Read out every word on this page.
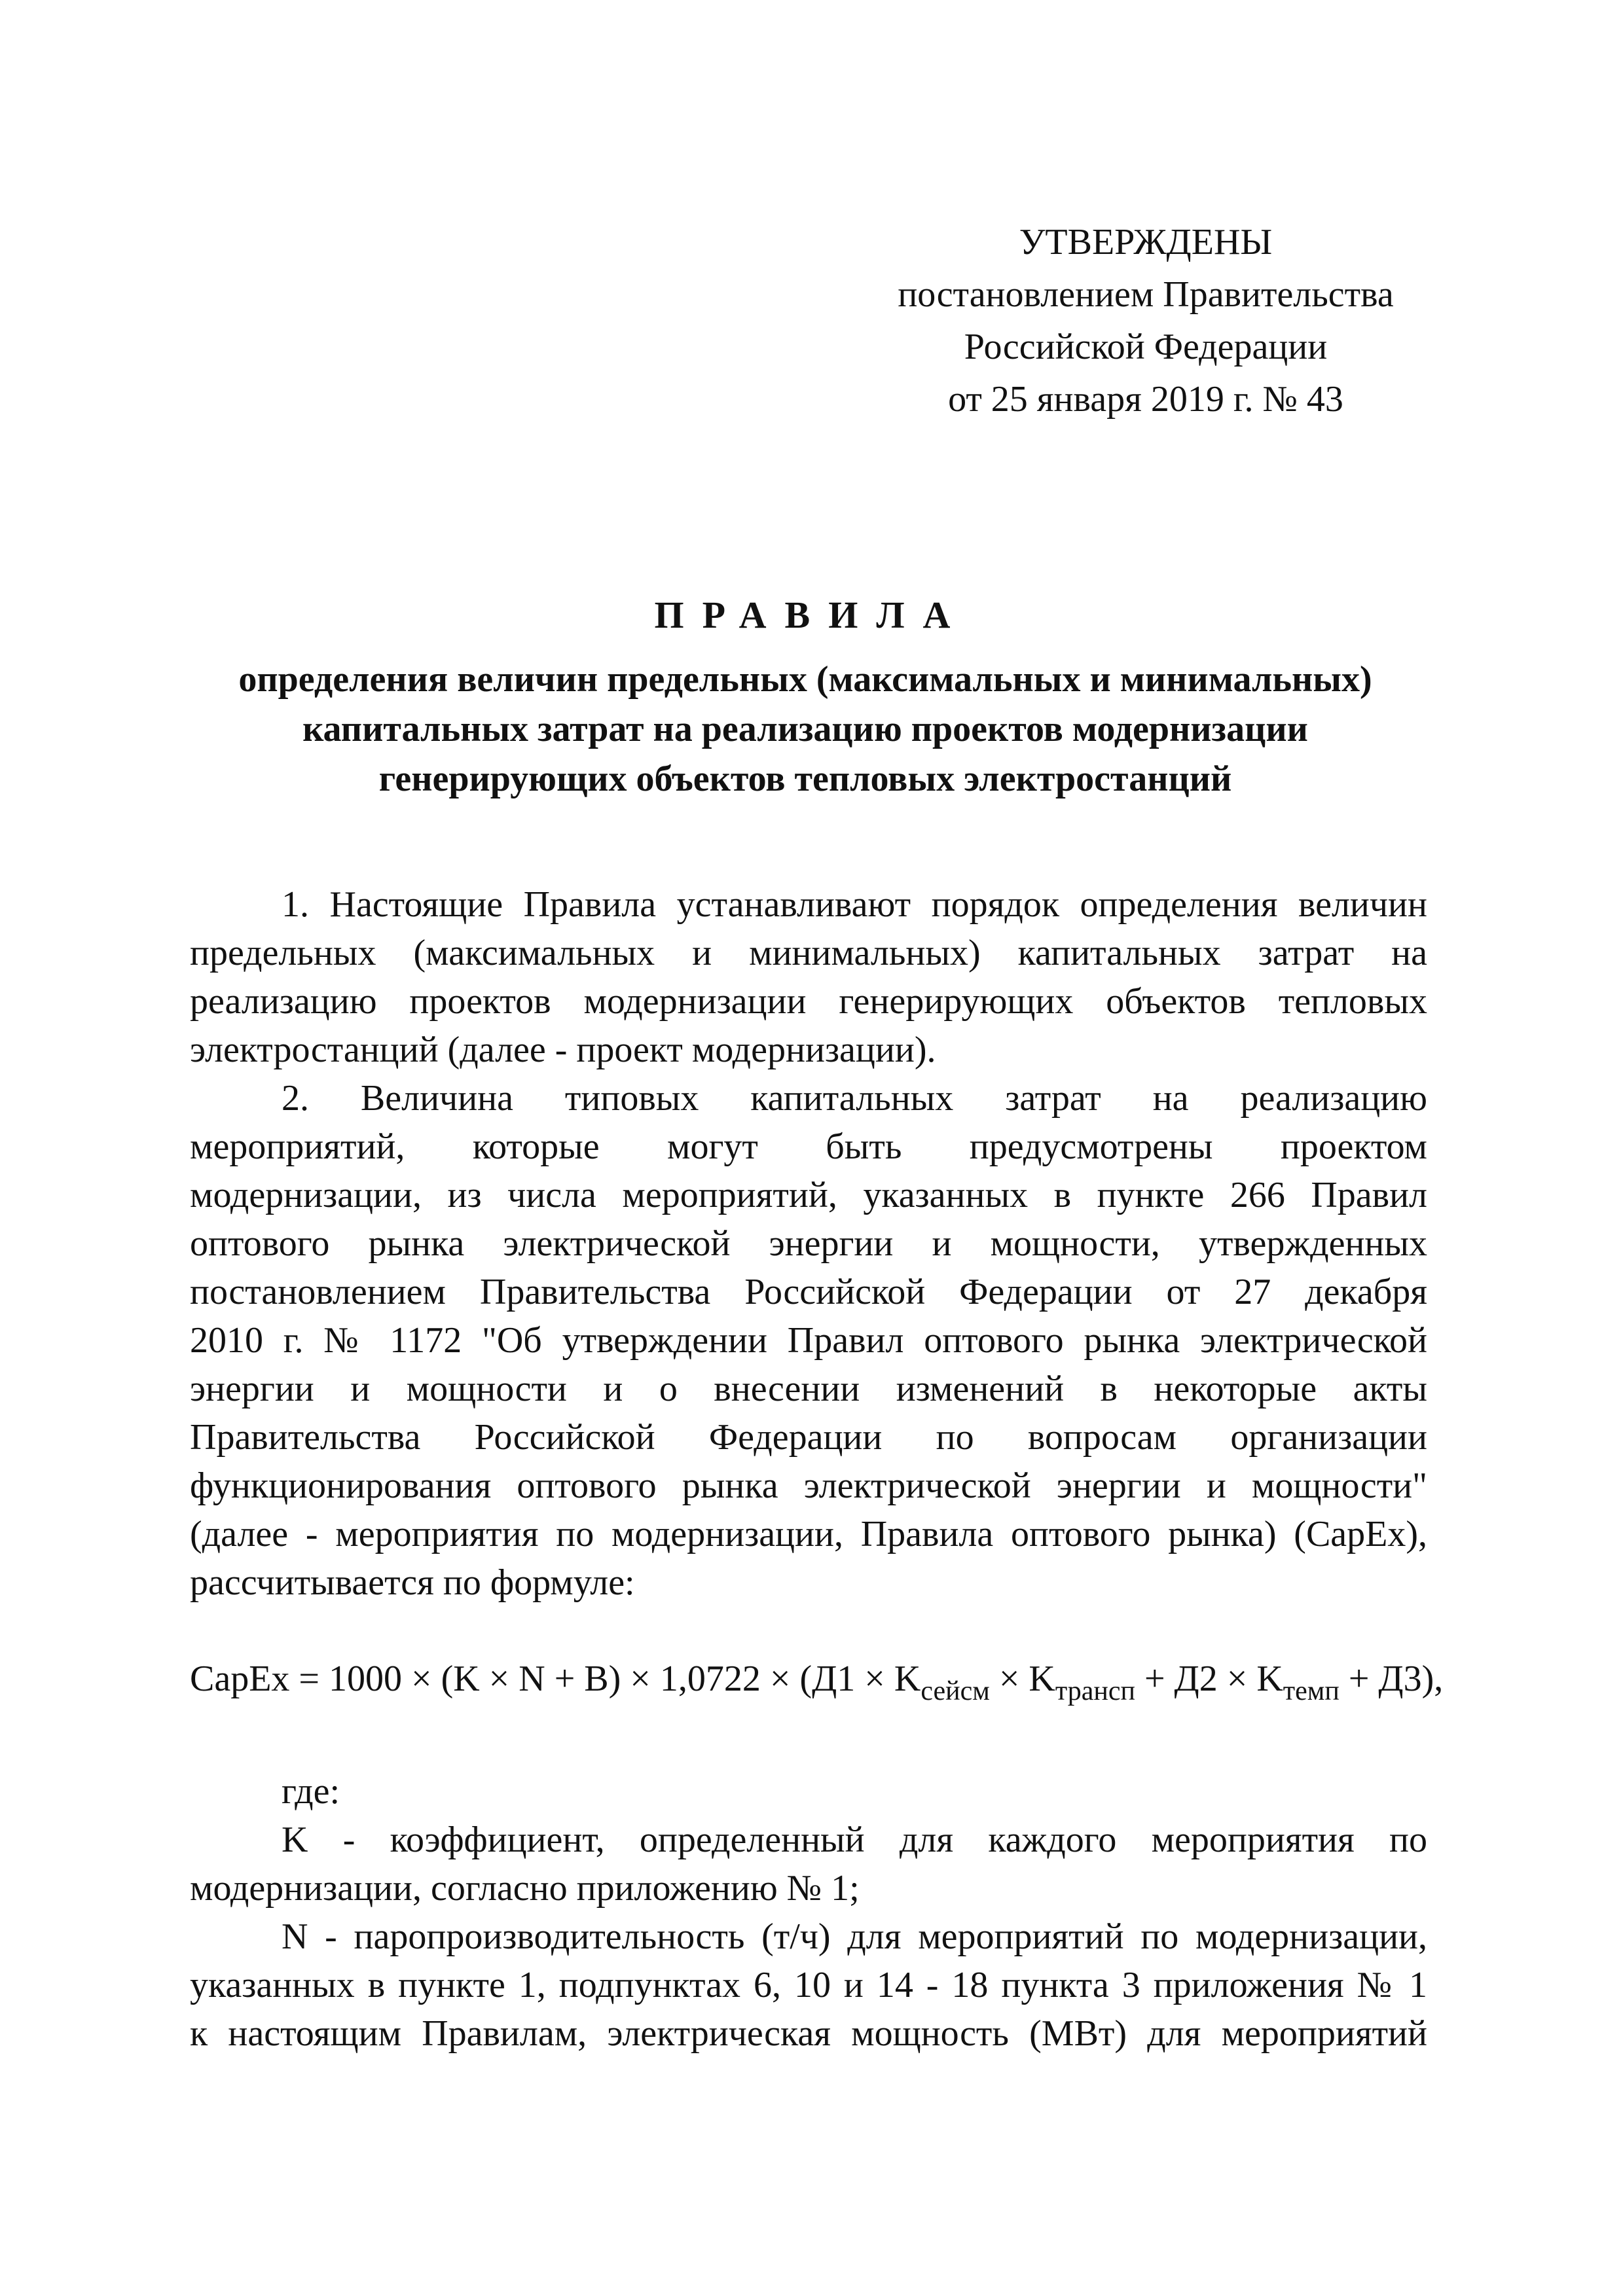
УТВЕРЖДЕНЫ
постановлением Правительства
Российской Федерации
от 25 января 2019 г. № 43
ПРАВИЛА
определения величин предельных (максимальных и минимальных)
капитальных затрат на реализацию проектов модернизации
генерирующих объектов тепловых электростанций
1. Настоящие Правила устанавливают порядок определения величин
предельных (максимальных и минимальных) капитальных затрат на
реализацию проектов модернизации генерирующих объектов тепловых
электростанций (далее - проект модернизации).
2. Величина типовых капитальных затрат на реализацию
мероприятий, которые могут быть предусмотрены проектом
модернизации, из числа мероприятий, указанных в пункте 266 Правил
оптового рынка электрической энергии и мощности, утвержденных
постановлением Правительства Российской Федерации от 27 декабря
2010 г. № 1172 "Об утверждении Правил оптового рынка электрической
энергии и мощности и о внесении изменений в некоторые акты
Правительства Российской Федерации по вопросам организации
функционирования оптового рынка электрической энергии и мощности"
(далее - мероприятия по модернизации, Правила оптового рынка) (CapEx),
рассчитывается по формуле:
CapEx = $1000 \times (K \times N + B) \times 1,0722 \times (Д1 \times K_{сейсм} \times K_{трансп} + Д2 \times K_{темп} + Д3)$,
где:
K - коэффициент, определенный для каждого мероприятия по
модернизации, согласно приложению № 1;
N - паропроизводительность (т/ч) для мероприятий по модернизации,
указанных в пункте 1, подпунктах 6, 10 и 14 - 18 пункта 3 приложения № 1
к настоящим Правилам, электрическая мощность (МВт) для мероприятий
